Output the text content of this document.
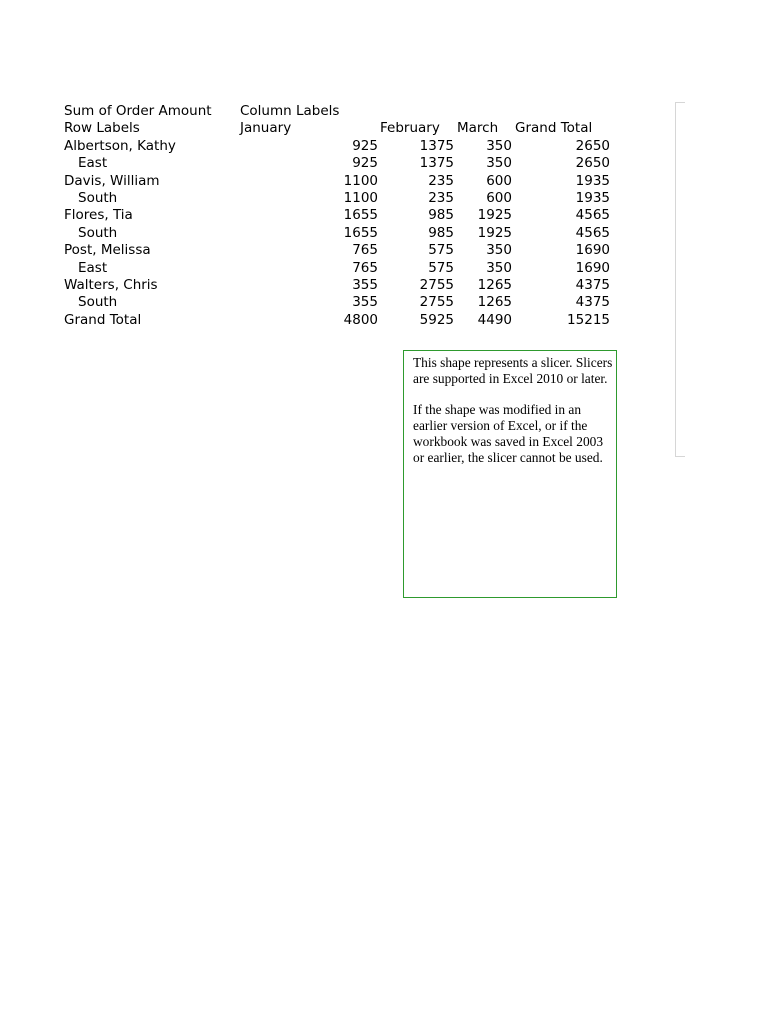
Sum of Order Amount Column Labels
Row Labels	January	February March Grand Total
Albertson, Kathy	925	1375	350	2650
East	925	1375	350	2650
Davis, William	1100	235	600	1935
South	1100	235	600	1935
Flores, Tia	1655	985	1925	4565
South	1655	985	1925	4565
Post, Melissa	765	575	350	1690
East	765	575	350	1690
Walters, Chris	355	2755	1265	4375
South	355	2755	1265	4375
Grand Total	4800	5925	4490	15215

This shape represents a slicer. Slicers are supported in Excel 2010 or later.

If the shape was modified in an earlier version of Excel, or if the workbook was saved in Excel 2003 or earlier, the slicer cannot be used.
